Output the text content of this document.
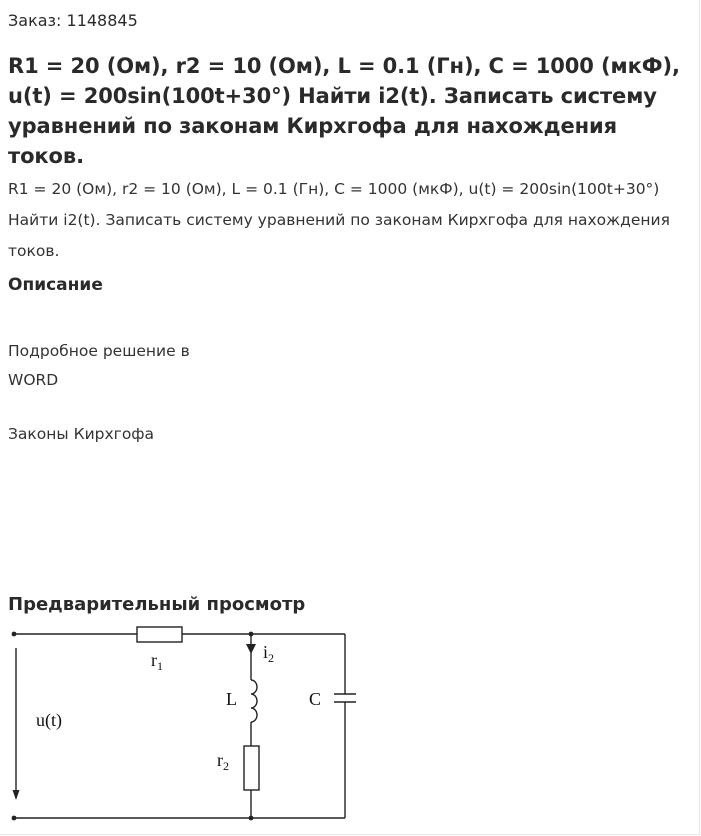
Заказ: 1148845
R1 = 20 (Ом), r2 = 10 (Ом), L = 0.1 (Гн), C = 1000 (мкФ), u(t) = 200sin(100t+30°) Найти i2(t). Записать систему уравнений по законам Кирхгофа для нахождения токов.

R1 = 20 (Ом), r2 = 10 (Ом), L = 0.1 (Гн), C = 1000 (мкФ), u(t) = 200sin(100t+30°) Найти i2(t). Записать систему уравнений по законам Кирхгофа для нахождения токов.

Описание

Подробное решение в
WORD

Законы Кирхгофа

Предварительный просмотр
$r_1$
$i_2$
L	C
u(t)
$r_2$
